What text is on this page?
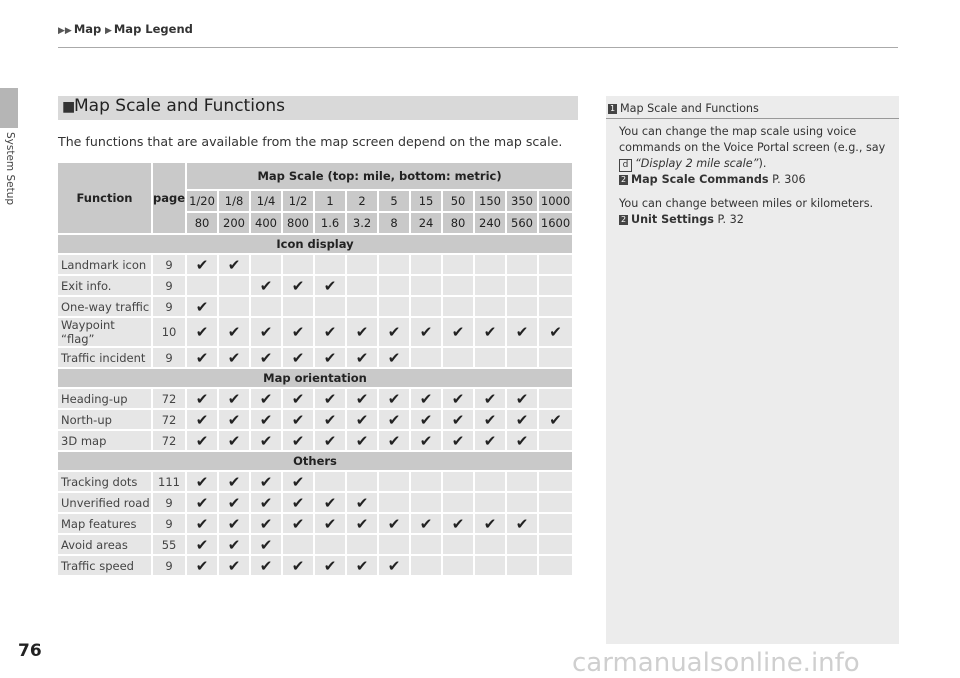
▶▶ Map ▶ Map Legend
System Setup
76
■
Map Scale and Functions
The functions that are available from the map screen depend on the map scale.
Function	page	Map Scale (top: mile, bottom: metric)											
		1/20	1/8	1/4	1/2	1	2	5	15	50	150	350	1000
		80	200	400	800	1.6	3.2	8	24	80	240	560	1600
Icon display													
Landmark icon	9	✔	✔										
Exit info.	9			✔	✔	✔							
One-way traffic	9	✔											
Waypoint “flag”	10	✔	✔	✔	✔	✔	✔	✔	✔	✔	✔	✔	✔
Traffic incident	9	✔	✔	✔	✔	✔	✔	✔					
Map orientation													
Heading-up	72	✔	✔	✔	✔	✔	✔	✔	✔	✔	✔	✔	
North-up	72	✔	✔	✔	✔	✔	✔	✔	✔	✔	✔	✔	✔
3D map	72	✔	✔	✔	✔	✔	✔	✔	✔	✔	✔	✔	
Others													
Tracking dots	111	✔	✔	✔	✔								
Unverified road	9	✔	✔	✔	✔	✔	✔						
Map features	9	✔	✔	✔	✔	✔	✔	✔	✔	✔	✔	✔	
Avoid areas	55	✔	✔	✔									
Traffic speed	9	✔	✔	✔	✔	✔	✔	✔					
1 Map Scale and Functions

You can change the map scale using voice commands on the Voice Portal screen (e.g., say d “Display 2 mile scale”).
2 Map Scale Commands P. 306

You can change between miles or kilometers.
2 Unit Settings P. 32

carmanualsonline.info
